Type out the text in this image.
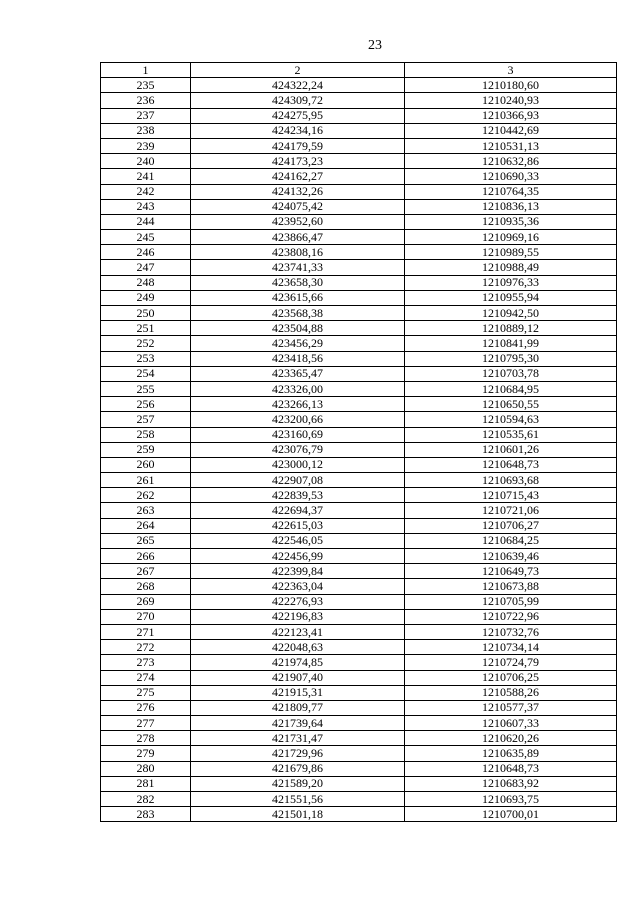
23
1	2	3
235	424322,24	1210180,60
236	424309,72	1210240,93
237	424275,95	1210366,93
238	424234,16	1210442,69
239	424179,59	1210531,13
240	424173,23	1210632,86
241	424162,27	1210690,33
242	424132,26	1210764,35
243	424075,42	1210836,13
244	423952,60	1210935,36
245	423866,47	1210969,16
246	423808,16	1210989,55
247	423741,33	1210988,49
248	423658,30	1210976,33
249	423615,66	1210955,94
250	423568,38	1210942,50
251	423504,88	1210889,12
252	423456,29	1210841,99
253	423418,56	1210795,30
254	423365,47	1210703,78
255	423326,00	1210684,95
256	423266,13	1210650,55
257	423200,66	1210594,63
258	423160,69	1210535,61
259	423076,79	1210601,26
260	423000,12	1210648,73
261	422907,08	1210693,68
262	422839,53	1210715,43
263	422694,37	1210721,06
264	422615,03	1210706,27
265	422546,05	1210684,25
266	422456,99	1210639,46
267	422399,84	1210649,73
268	422363,04	1210673,88
269	422276,93	1210705,99
270	422196,83	1210722,96
271	422123,41	1210732,76
272	422048,63	1210734,14
273	421974,85	1210724,79
274	421907,40	1210706,25
275	421915,31	1210588,26
276	421809,77	1210577,37
277	421739,64	1210607,33
278	421731,47	1210620,26
279	421729,96	1210635,89
280	421679,86	1210648,73
281	421589,20	1210683,92
282	421551,56	1210693,75
283	421501,18	1210700,01
